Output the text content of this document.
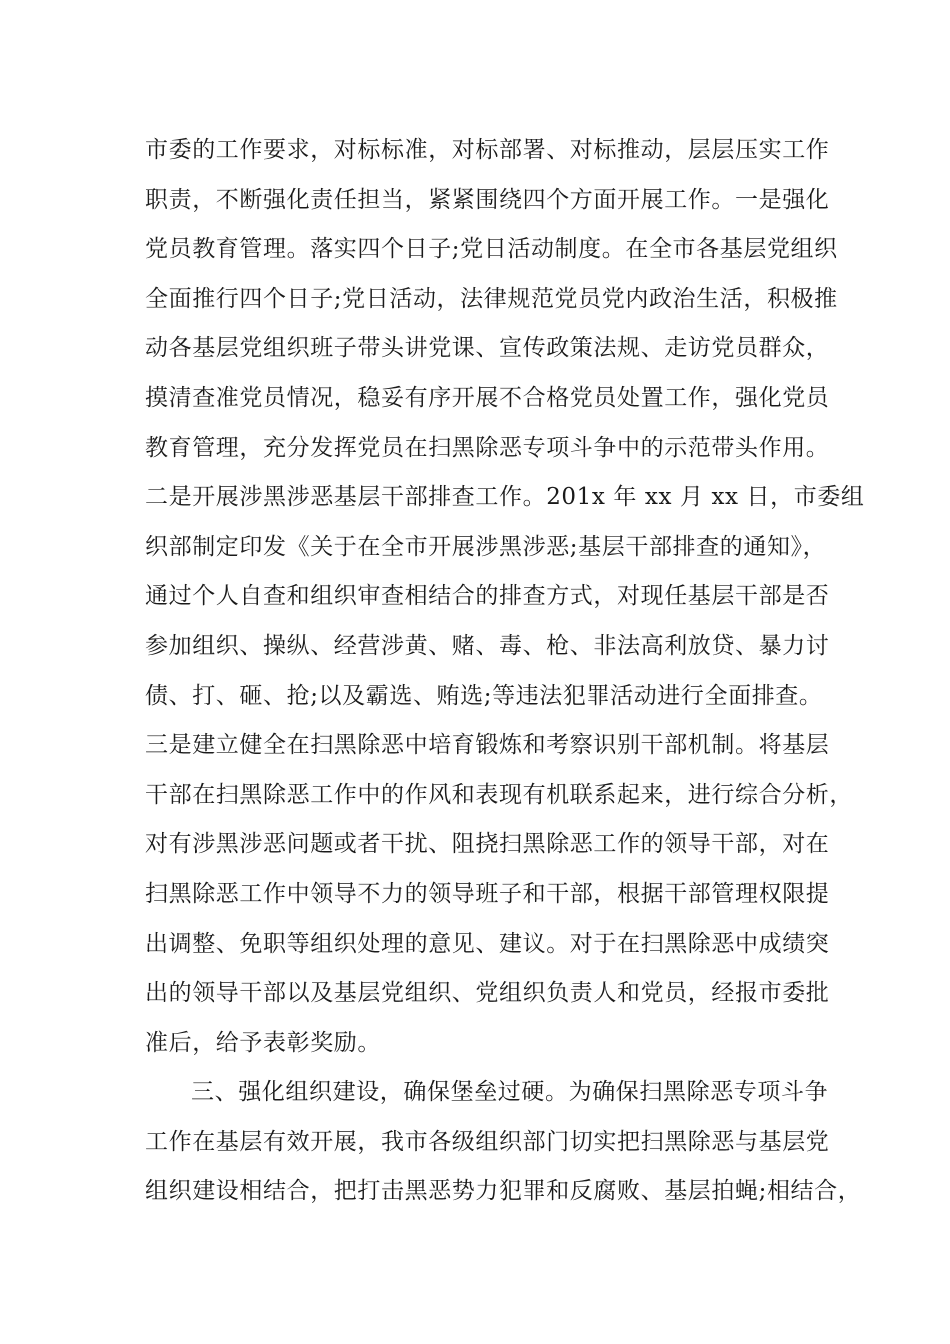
市委的工作要求，对标标准，对标部署、对标推动，层层压实工作
职责，不断强化责任担当，紧紧围绕四个方面开展工作。一是强化
党员教育管理。落实四个日子;党日活动制度。在全市各基层党组织
全面推行四个日子;党日活动，法律规范党员党内政治生活，积极推
动各基层党组织班子带头讲党课、宣传政策法规、走访党员群众，
摸清查准党员情况，稳妥有序开展不合格党员处置工作，强化党员
教育管理，充分发挥党员在扫黑除恶专项斗争中的示范带头作用。
二是开展涉黑涉恶基层干部排查工作。201x 年 xx 月 xx 日，市委组
织部制定印发《关于在全市开展涉黑涉恶;基层干部排查的通知》，
通过个人自查和组织审查相结合的排查方式，对现任基层干部是否
参加组织、操纵、经营涉黄、赌、毒、枪、非法高利放贷、暴力讨
债、打、砸、抢;以及霸选、贿选;等违法犯罪活动进行全面排查。
三是建立健全在扫黑除恶中培育锻炼和考察识别干部机制。将基层
干部在扫黑除恶工作中的作风和表现有机联系起来，进行综合分析，
对有涉黑涉恶问题或者干扰、阻挠扫黑除恶工作的领导干部，对在
扫黑除恶工作中领导不力的领导班子和干部，根据干部管理权限提
出调整、免职等组织处理的意见、建议。对于在扫黑除恶中成绩突
出的领导干部以及基层党组织、党组织负责人和党员，经报市委批
准后，给予表彰奖励。
三、强化组织建设，确保堡垒过硬。为确保扫黑除恶专项斗争
工作在基层有效开展，我市各级组织部门切实把扫黑除恶与基层党
组织建设相结合，把打击黑恶势力犯罪和反腐败、基层拍蝇;相结合，
